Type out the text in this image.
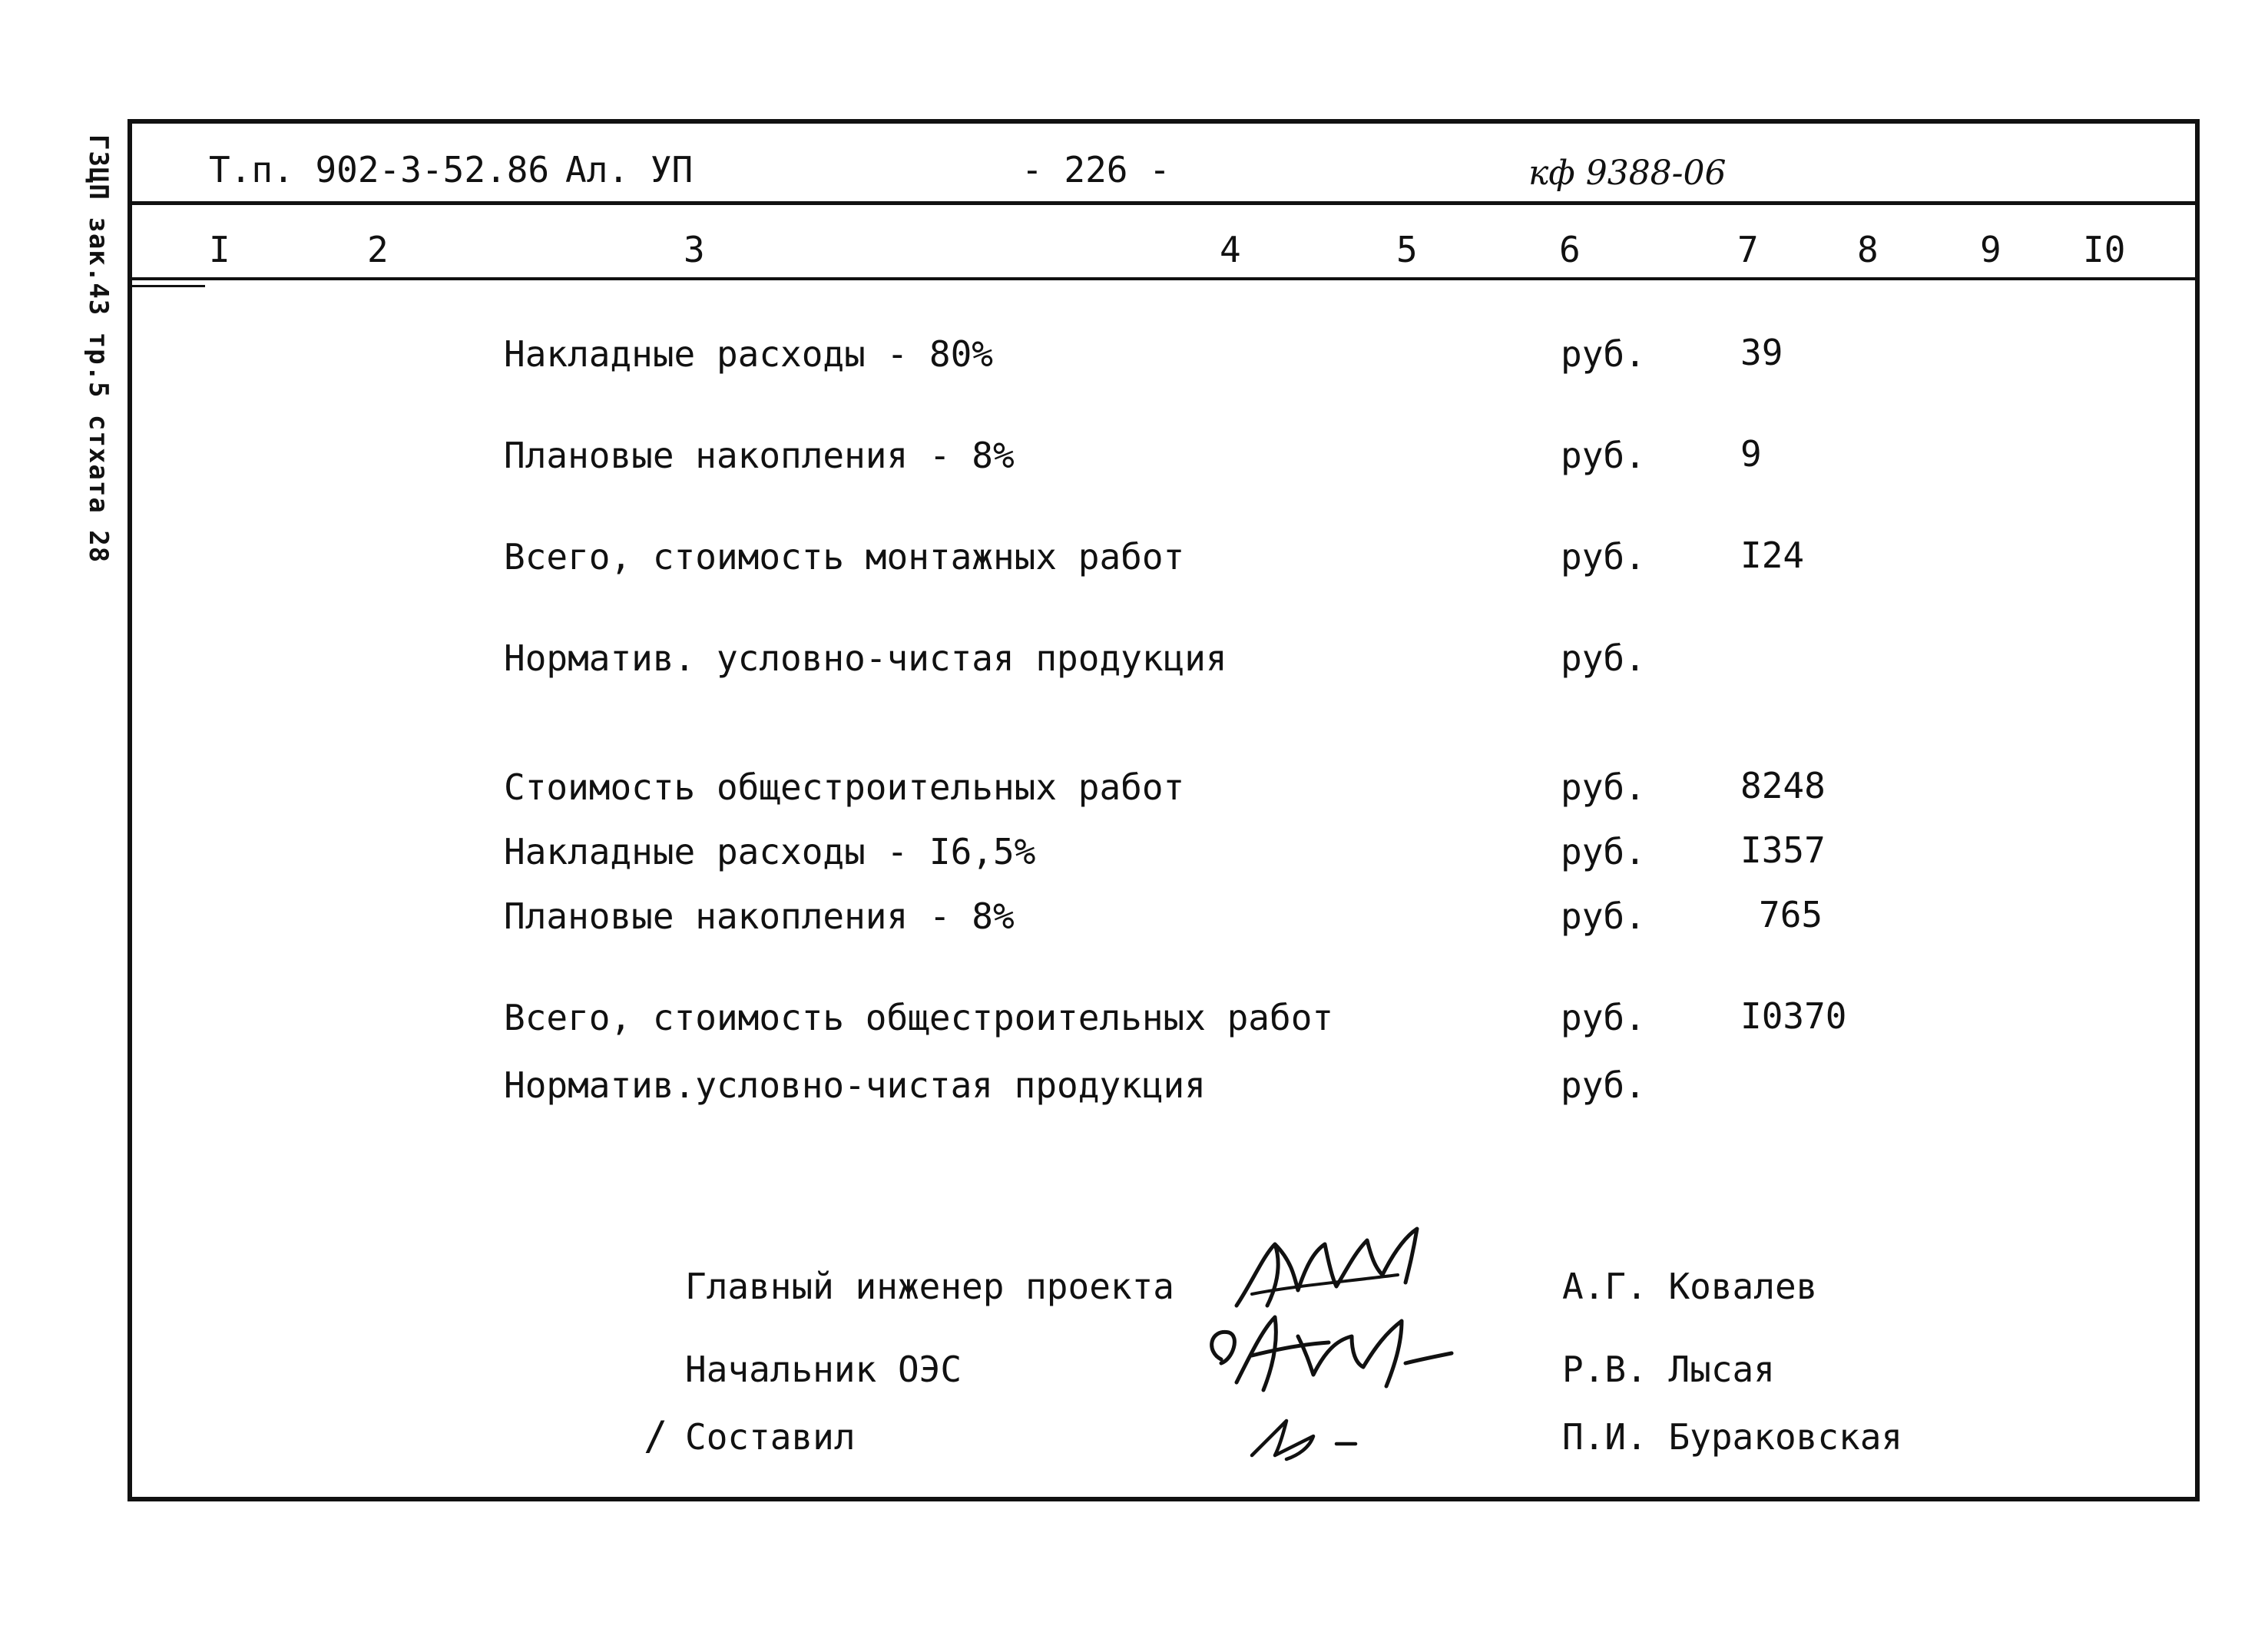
ГЗЦП зак.43 тр.5 стхата 28	Т.п. 902-3-52.86 Ал. УП	- 226 -	кф 9388-06
I	2	3	4	5	6	7	8	9 I0
Накладные расходы - 80%	руб.	39
Плановые накопления - 8%	руб.	9
Всего, стоимость монтажных работ	руб.	I24
Норматив. условно-чистая продукция	руб.
Стоимость общестроительных работ	руб.	8248
Накладные расходы - I6,5%	руб.	I357
Плановые накопления - 8%	руб.	765
Всего, стоимость общестроительных работ	руб.	I0370
Норматив.условно-чистая продукция	руб.
Главный инженер проекта	А.Г. Ковалев
Начальник ОЭС	Р.В. Лысая
/ Составил	П.И. Бураковская
